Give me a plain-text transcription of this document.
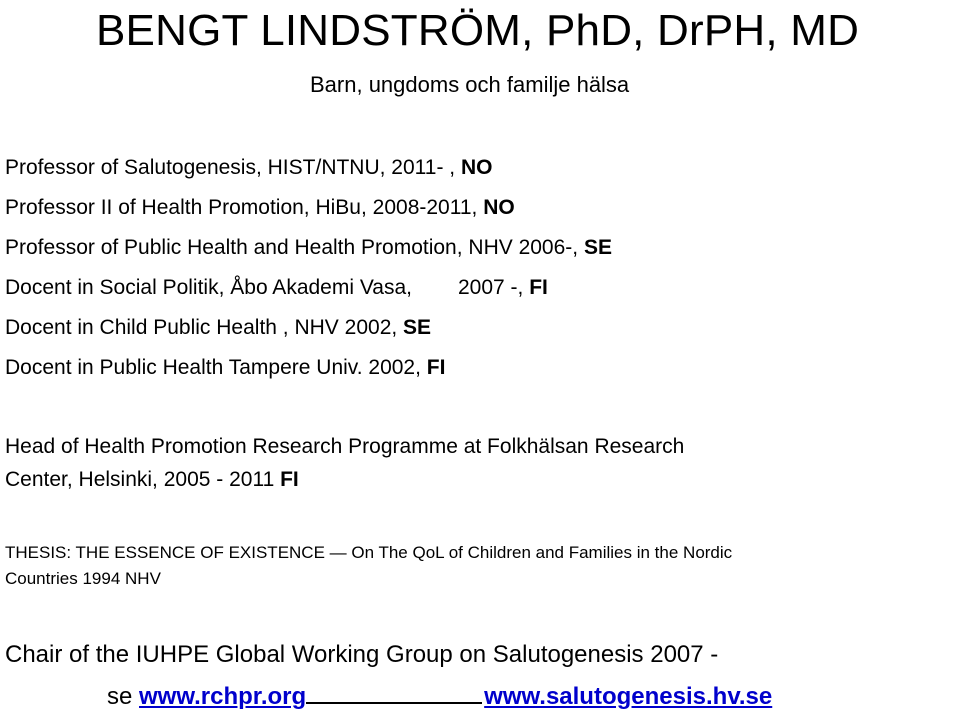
BENGT LINDSTRÖM, PhD, DrPH, MD
Barn, ungdoms och familje hälsa
Professor of Salutogenesis, HIST/NTNU, 2011- , NO
Professor II of Health Promotion, HiBu, 2008-2011, NO
Professor of Public Health and Health Promotion, NHV 2006-, SE
Docent in Social Politik, Åbo Akademi Vasa, 2007 -, FI
Docent in Child Public Health , NHV 2002, SE
Docent in Public Health Tampere Univ. 2002, FI
Head of Health Promotion Research Programme at Folkhälsan Research
Center, Helsinki, 2005 - 2011 FI
THESIS: THE ESSENCE OF EXISTENCE — On The QoL of Children and Families in the Nordic
Countries 1994 NHV
Chair of the IUHPE Global Working Group on Salutogenesis 2007 -
se www.rchpr.org	www.salutogenesis.hv.se
